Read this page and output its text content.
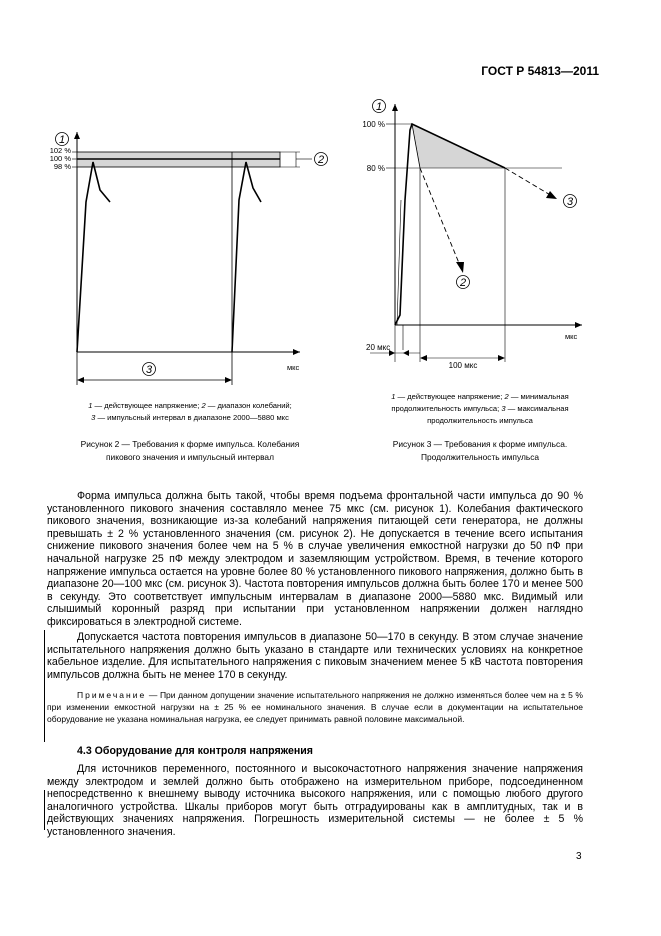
ГОСТ Р 54813—2011
1
2
3
102 %
100 %
98 %
мкс
1
2
3
100 %
80 %
мкс
20 мкс
100 мкс
1 — действующее напряжение; 2 — диапазон колебаний;
3 — импульсный интервал в диапазоне 2000—5880 мкс
Рисунок 2 — Требования к форме импульса. Колебания
пикового значения и импульсный интервал
1 — действующее напряжение; 2 — минимальная
продолжительность импульса; 3 — максимальная
продолжительность импульса
Рисунок 3 — Требования к форме импульса.
Продолжительность импульса
Форма импульса должна быть такой, чтобы время подъема фронтальной части импульса до 90 % установленного пикового значения составляло менее 75 мкс (см. рисунок 1). Колебания фактического пикового значения, возникающие из-за колебаний напряжения питающей сети генератора, не должны превышать ± 2 % установленного значения (см. рисунок 2). Не допускается в течение всего испытания снижение пикового значения более чем на 5 % в случае увеличения емкостной нагрузки до 50 пФ при начальной нагрузке 25 пФ между электродом и заземляющим устройством. Время, в течение которого напряжение импульса остается на уровне более 80 % установленного пикового напряжения, должно быть в диапазоне 20—100 мкс (см. рисунок 3). Частота повторения импульсов должна быть более 170 и менее 500 в секунду. Это соответствует импульсным интервалам в диапазоне 2000—5880 мкс. Видимый или слышимый коронный разряд при испытании при установленном напряжении должен наглядно фиксироваться в электродной системе.
Допускается частота повторения импульсов в диапазоне 50—170 в секунду. В этом случае значение испытательного напряжения должно быть указано в стандарте или технических условиях на конкретное кабельное изделие. Для испытательного напряжения с пиковым значением менее 5 кВ частота повторения импульсов должна быть не менее 170 в секунду.
Примечание — При данном допущении значение испытательного напряжения не должно изменяться более чем на ± 5 % при изменении емкостной нагрузки на ± 25 % ее номинального значения. В случае если в документации на испытательное оборудование не указана номинальная нагрузка, ее следует принимать равной половине максимальной.
4.3 Оборудование для контроля напряжения
Для источников переменного, постоянного и высокочастотного напряжения значение напряжения между электродом и землей должно быть отображено на измерительном приборе, подсоединенном непосредственно к внешнему выводу источника высокого напряжения, или с помощью любого другого аналогичного устройства. Шкалы приборов могут быть отградуированы как в амплитудных, так и в действующих значениях напряжения. Погрешность измерительной системы — не более ± 5 % установленного значения.
3
